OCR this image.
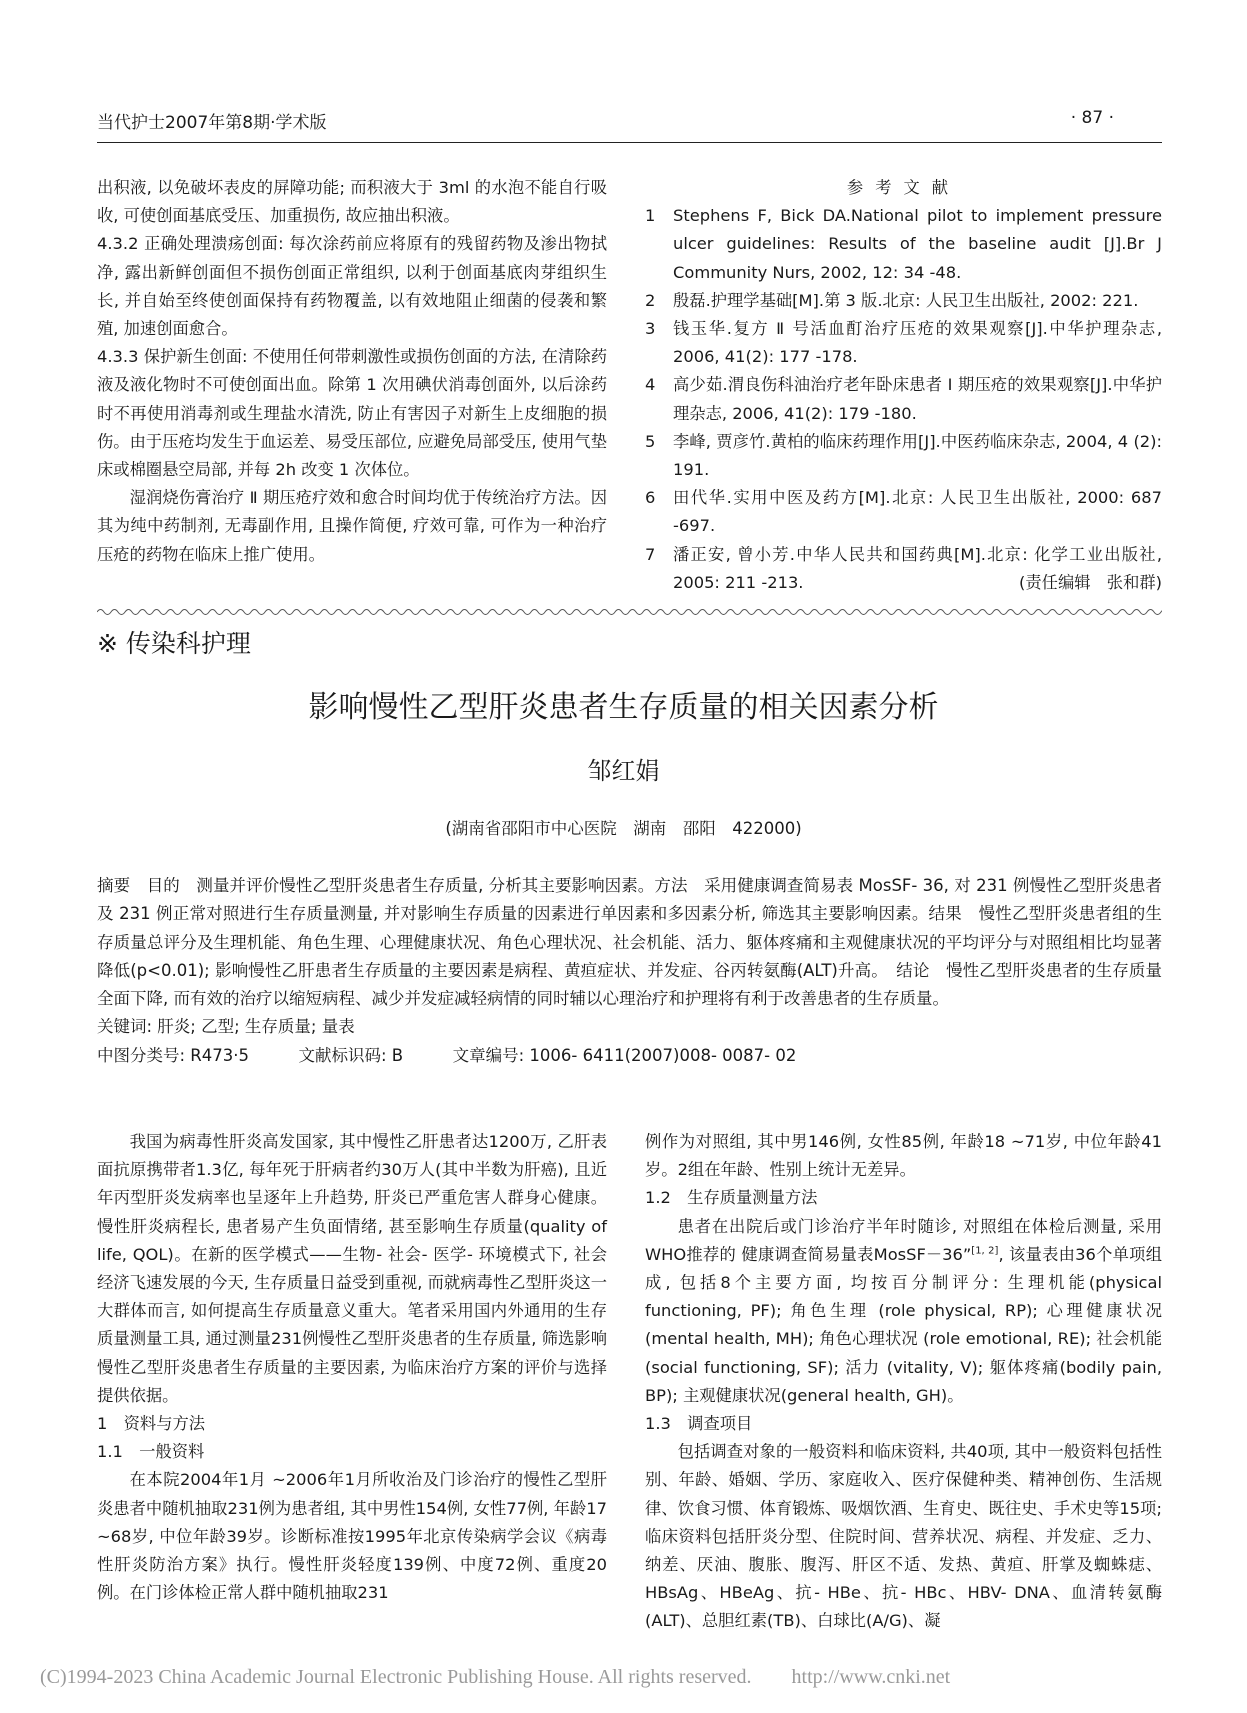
当代护士2007年第8期·学术版	· 87 ·

出积液, 以免破坏表皮的屏障功能; 而积液大于 3ml 的水泡不能自行吸收, 可使创面基底受压、加重损伤, 故应抽出积液。

4.3.2 正确处理溃疡创面: 每次涂药前应将原有的残留药物及渗出物拭净, 露出新鲜创面但不损伤创面正常组织, 以利于创面基底肉芽组织生长, 并自始至终使创面保持有药物覆盖, 以有效地阻止细菌的侵袭和繁殖, 加速创面愈合。

4.3.3 保护新生创面: 不使用任何带刺激性或损伤创面的方法, 在清除药液及液化物时不可使创面出血。除第 1 次用碘伏消毒创面外, 以后涂药时不再使用消毒剂或生理盐水清洗, 防止有害因子对新生上皮细胞的损伤。由于压疮均发生于血运差、易受压部位, 应避免局部受压, 使用气垫床或棉圈悬空局部, 并每 2h 改变 1 次体位。

湿润烧伤膏治疗 Ⅱ 期压疮疗效和愈合时间均优于传统治疗方法。因其为纯中药制剂, 无毒副作用, 且操作简便, 疗效可靠, 可作为一种治疗压疮的药物在临床上推广使用。

参考文献

1	Stephens F, Bick DA.National pilot to implement pressure ulcer guidelines: Results of the baseline audit [J].Br J Community Nurs, 2002, 12: 34 -48.
2	殷磊.护理学基础[M].第 3 版.北京: 人民卫生出版社, 2002: 221.
3	钱玉华.复方 Ⅱ 号活血酊治疗压疮的效果观察[J].中华护理杂志, 2006, 41(2): 177 -178.
4	高少茹.渭良伤科油治疗老年卧床患者 Ⅰ 期压疮的效果观察[J].中华护理杂志, 2006, 41(2): 179 -180.
5	李峰, 贾彦竹.黄柏的临床药理作用[J].中医药临床杂志, 2004, 4 (2): 191.
6	田代华.实用中医及药方[M].北京: 人民卫生出版社, 2000: 687 -697.
7	潘正安, 曾小芳.中华人民共和国药典[M].北京: 化学工业出版社, 2005: 211 -213.	(责任编辑　张和群)
※ 传染科护理
影响慢性乙型肝炎患者生存质量的相关因素分析
邹红娟
(湖南省邵阳市中心医院　湖南　邵阳　422000)

摘要　目的　测量并评价慢性乙型肝炎患者生存质量, 分析其主要影响因素。方法　采用健康调查简易表 MosSF- 36, 对 231 例慢性乙型肝炎患者及 231 例正常对照进行生存质量测量, 并对影响生存质量的因素进行单因素和多因素分析, 筛选其主要影响因素。结果　慢性乙型肝炎患者组的生存质量总评分及生理机能、角色生理、心理健康状况、角色心理状况、社会机能、活力、躯体疼痛和主观健康状况的平均评分与对照组相比均显著降低(p<0.01); 影响慢性乙肝患者生存质量的主要因素是病程、黄疸症状、并发症、谷丙转氨酶(ALT)升高。　结论　慢性乙型肝炎患者的生存质量全面下降, 而有效的治疗以缩短病程、减少并发症减轻病情的同时辅以心理治疗和护理将有利于改善患者的生存质量。

关键词: 肝炎; 乙型; 生存质量; 量表

中图分类号: R473·5　　　文献标识码: B　　　文章编号: 1006- 6411(2007)008- 0087- 02

我国为病毒性肝炎高发国家, 其中慢性乙肝患者达1200万, 乙肝表面抗原携带者1.3亿, 每年死于肝病者约30万人(其中半数为肝癌), 且近年丙型肝炎发病率也呈逐年上升趋势, 肝炎已严重危害人群身心健康。慢性肝炎病程长, 患者易产生负面情绪, 甚至影响生存质量(quality of life, QOL)。在新的医学模式——生物- 社会- 医学- 环境模式下, 社会经济飞速发展的今天, 生存质量日益受到重视, 而就病毒性乙型肝炎这一大群体而言, 如何提高生存质量意义重大。笔者采用国内外通用的生存质量测量工具, 通过测量231例慢性乙型肝炎患者的生存质量, 筛选影响慢性乙型肝炎患者生存质量的主要因素, 为临床治疗方案的评价与选择提供依据。

1　资料与方法

1.1　一般资料

在本院2004年1月 ~2006年1月所收治及门诊治疗的慢性乙型肝炎患者中随机抽取231例为患者组, 其中男性154例, 女性77例, 年龄17 ~68岁, 中位年龄39岁。诊断标准按1995年北京传染病学会议《病毒性肝炎防治方案》执行。慢性肝炎轻度139例、中度72例、重度20例。在门诊体检正常人群中随机抽取231

例作为对照组, 其中男146例, 女性85例, 年龄18 ~71岁, 中位年龄41岁。2组在年龄、性别上统计无差异。

1.2　生存质量测量方法

患者在出院后或门诊治疗半年时随诊, 对照组在体检后测量, 采用WHO推荐的 健康调查简易量表MosSF－36”[1, 2], 该量表由36个单项组成, 包括8个主要方面, 均按百分制评分: 生理机能(physical functioning, PF); 角色生理 (role physical, RP); 心理健康状况(mental health, MH); 角色心理状况 (role emotional, RE); 社会机能(social functioning, SF); 活力 (vitality, V); 躯体疼痛(bodily pain, BP); 主观健康状况(general health, GH)。

1.3　调查项目

包括调查对象的一般资料和临床资料, 共40项, 其中一般资料包括性别、年龄、婚姻、学历、家庭收入、医疗保健种类、精神创伤、生活规律、饮食习惯、体育锻炼、吸烟饮酒、生育史、既往史、手术史等15项; 临床资料包括肝炎分型、住院时间、营养状况、病程、并发症、乏力、纳差、厌油、腹胀、腹泻、肝区不适、发热、黄疸、肝掌及蜘蛛痣、HBsAg、HBeAg、抗- HBe、抗- HBc、HBV- DNA、血清转氨酶(ALT)、总胆红素(TB)、白球比(A/G)、凝

(C)1994-2023 China Academic Journal Electronic Publishing House. All rights reserved.　　http://www.cnki.net
